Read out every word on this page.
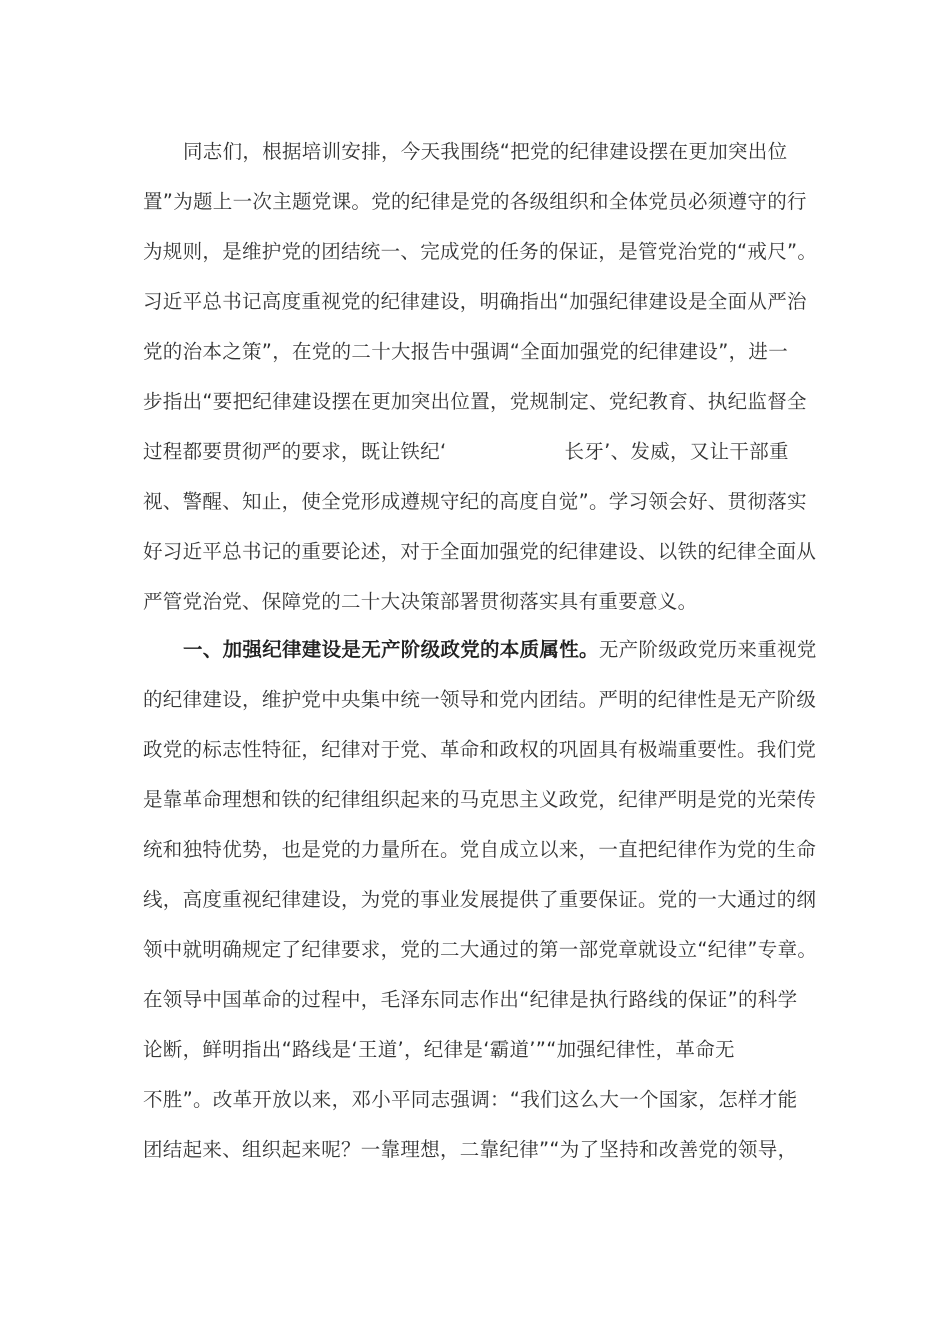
同志们，根据培训安排，今天我围绕“把党的纪律建设摆在更加突出位
置”为题上一次主题党课。党的纪律是党的各级组织和全体党员必须遵守的行
为规则，是维护党的团结统一、完成党的任务的保证，是管党治党的“戒尺”。
习近平总书记高度重视党的纪律建设，明确指出“加强纪律建设是全面从严治
党的治本之策”，在党的二十大报告中强调“全面加强党的纪律建设”，进一
步指出“要把纪律建设摆在更加突出位置，党规制定、党纪教育、执纪监督全
过程都要贯彻严的要求，既让铁纪‘	长牙’、发威，又让干部重
视、警醒、知止，使全党形成遵规守纪的高度自觉”。学习领会好、贯彻落实
好习近平总书记的重要论述，对于全面加强党的纪律建设、以铁的纪律全面从
严管党治党、保障党的二十大决策部署贯彻落实具有重要意义。
一、加强纪律建设是无产阶级政党的本质属性。无产阶级政党历来重视党
的纪律建设，维护党中央集中统一领导和党内团结。严明的纪律性是无产阶级
政党的标志性特征，纪律对于党、革命和政权的巩固具有极端重要性。我们党
是靠革命理想和铁的纪律组织起来的马克思主义政党，纪律严明是党的光荣传
统和独特优势，也是党的力量所在。党自成立以来，一直把纪律作为党的生命
线，高度重视纪律建设，为党的事业发展提供了重要保证。党的一大通过的纲
领中就明确规定了纪律要求，党的二大通过的第一部党章就设立“纪律”专章。
在领导中国革命的过程中，毛泽东同志作出“纪律是执行路线的保证”的科学
论断，鲜明指出“路线是‘王道’，纪律是‘霸道’”“加强纪律性，革命无
不胜”。改革开放以来，邓小平同志强调：“我们这么大一个国家，怎样才能
团结起来、组织起来呢？一靠理想，二靠纪律”“为了坚持和改善党的领导，
